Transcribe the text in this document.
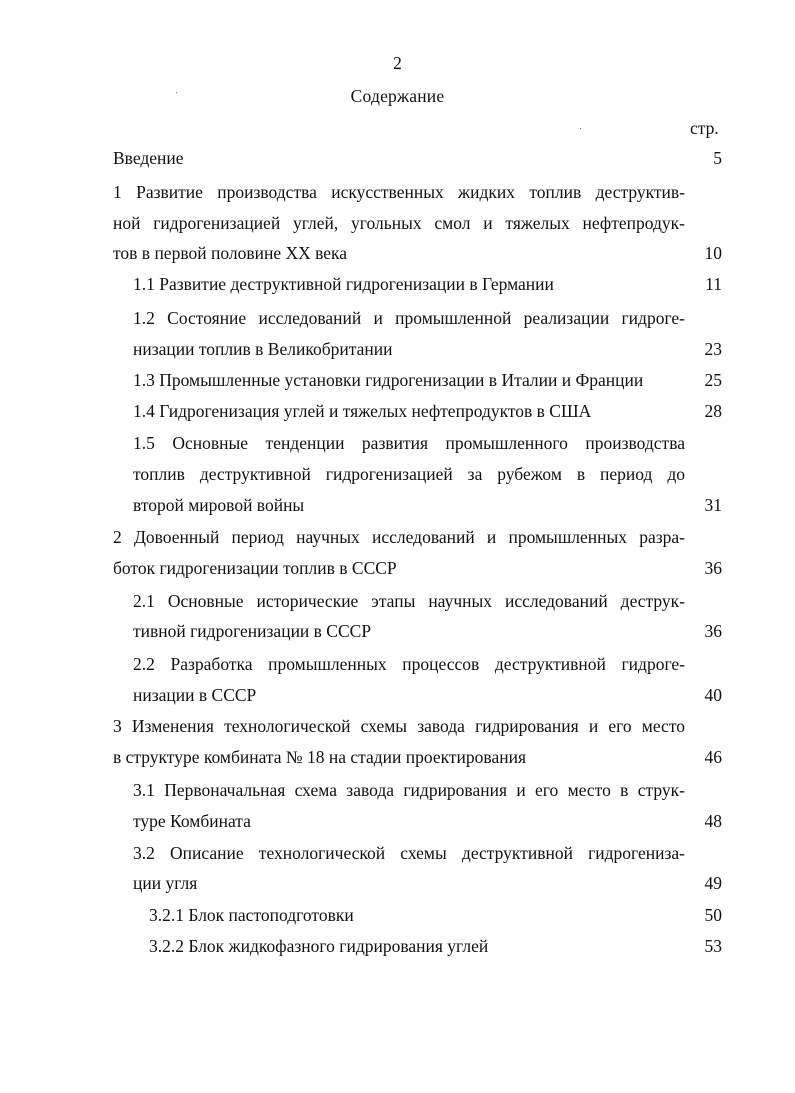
2
Содержание
стр.
Введение	5
1 Развитие производства искусственных жидких топлив деструктив-
ной гидрогенизацией углей, угольных смол и тяжелых нефтепродук-
тов в первой половине XX века	10
1.1 Развитие деструктивной гидрогенизации в Германии	11
1.2 Состояние исследований и промышленной реализации гидроге-
низации топлив в Великобритании	23
1.3 Промышленные установки гидрогенизации в Италии и Франции	25
1.4 Гидрогенизация углей и тяжелых нефтепродуктов в США	28
1.5 Основные тенденции развития промышленного производства
топлив деструктивной гидрогенизацией за рубежом в период до
второй мировой войны	31
2 Довоенный период научных исследований и промышленных разра-
боток гидрогенизации топлив в СССР	36
2.1 Основные исторические этапы научных исследований деструк-
тивной гидрогенизации в СССР	36
2.2 Разработка промышленных процессов деструктивной гидроге-
низации в СССР	40
3 Изменения технологической схемы завода гидрирования и его место
в структуре комбината № 18 на стадии проектирования	46
3.1 Первоначальная схема завода гидрирования и его место в струк-
туре Комбината	48
3.2 Описание технологической схемы деструктивной гидрогениза-
ции угля	49
3.2.1 Блок пастоподготовки	50
3.2.2 Блок жидкофазного гидрирования углей	53
